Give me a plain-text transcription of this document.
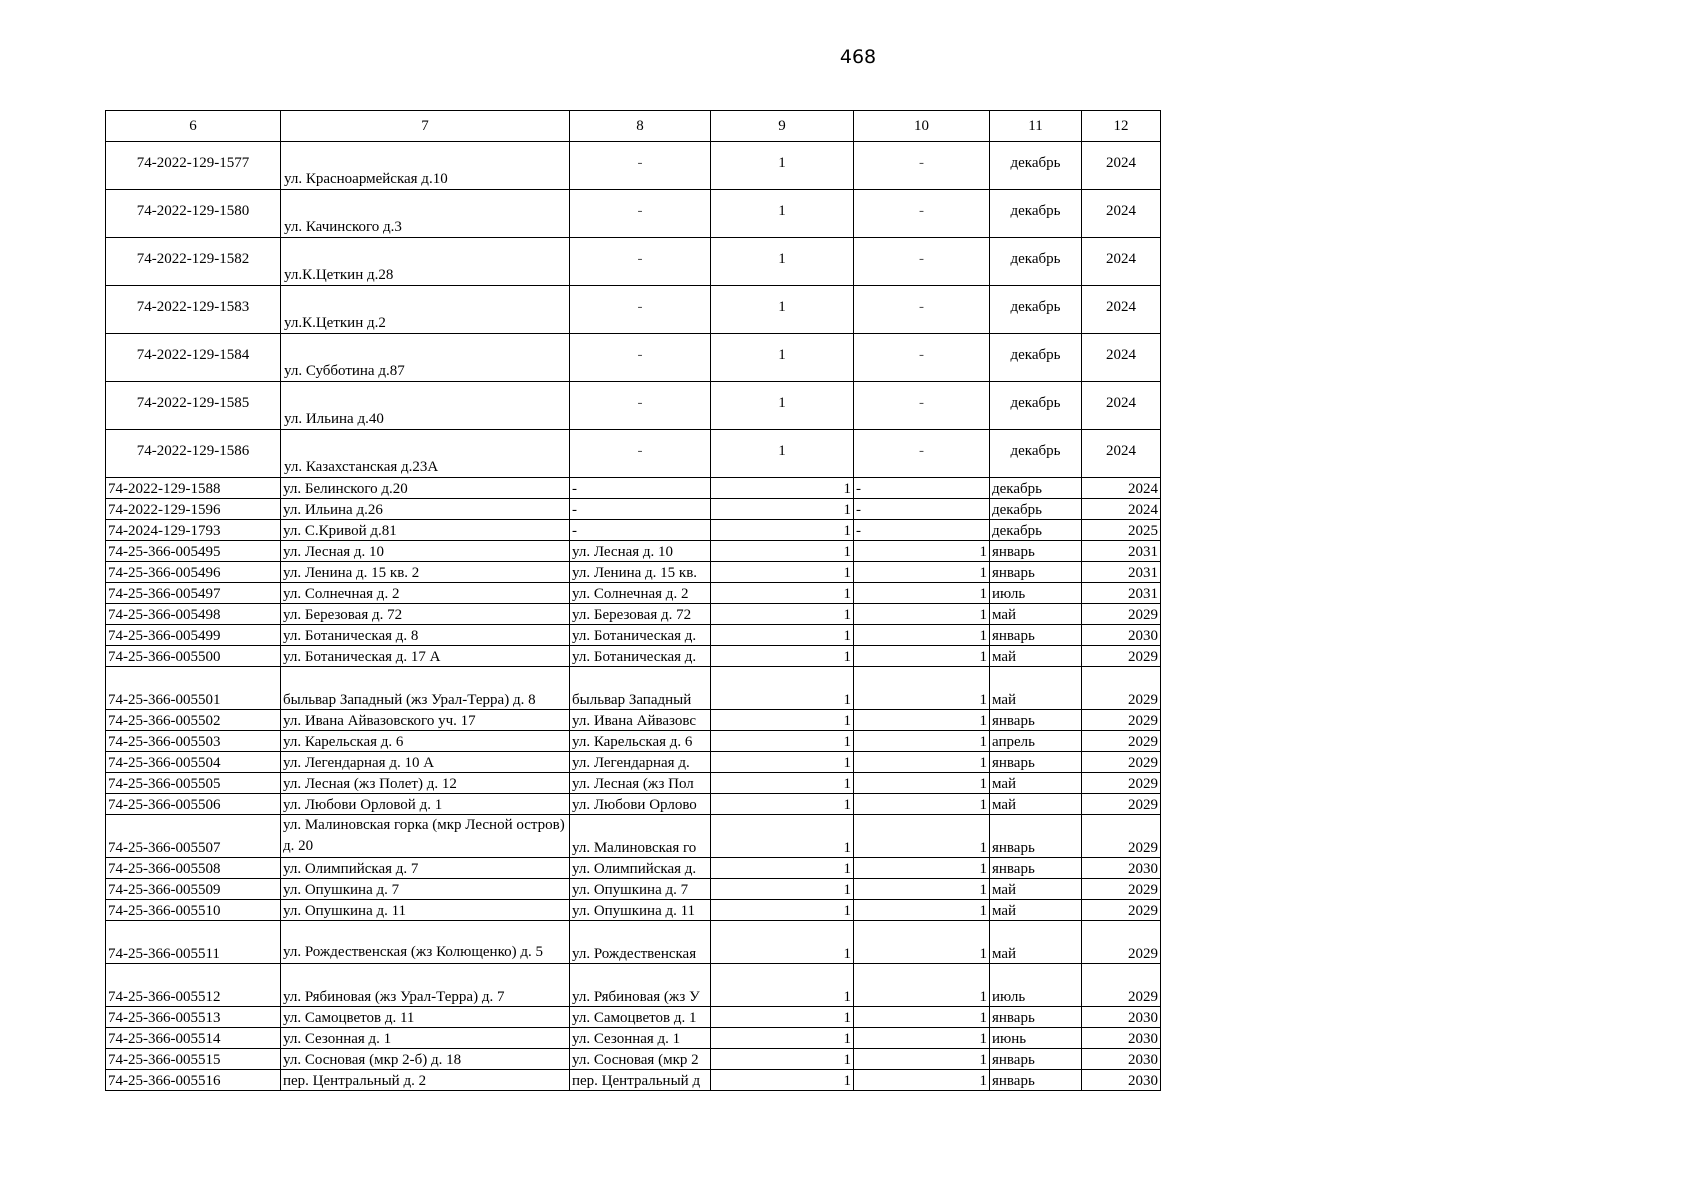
468
6	7	8	9	10	11	12
74-2022-129-1577	ул. Красноармейская д.10	-	1	-	декабрь	2024
74-2022-129-1580	ул. Качинского д.3	-	1	-	декабрь	2024
74-2022-129-1582	ул.К.Цеткин д.28	-	1	-	декабрь	2024
74-2022-129-1583	ул.К.Цеткин д.2	-	1	-	декабрь	2024
74-2022-129-1584	ул. Субботина д.87	-	1	-	декабрь	2024
74-2022-129-1585	ул. Ильина д.40	-	1	-	декабрь	2024
74-2022-129-1586	ул. Казахстанская д.23А	-	1	-	декабрь	2024
74-2022-129-1588	ул. Белинского д.20	-	1	-	декабрь	2024
74-2022-129-1596	ул. Ильина д.26	-	1	-	декабрь	2024
74-2024-129-1793	ул. С.Кривой д.81	-	1	-	декабрь	2025
74-25-366-005495	ул. Лесная д. 10	ул. Лесная д. 10	1	1	январь	2031
74-25-366-005496	ул. Ленина д. 15 кв. 2	ул. Ленина д. 15 кв.	1	1	январь	2031
74-25-366-005497	ул. Солнечная д. 2	ул. Солнечная д. 2	1	1	июль	2031
74-25-366-005498	ул. Березовая д. 72	ул. Березовая д. 72	1	1	май	2029
74-25-366-005499	ул. Ботаническая д. 8	ул. Ботаническая д.	1	1	январь	2030
74-25-366-005500	ул. Ботаническая д. 17 А	ул. Ботаническая д.	1	1	май	2029
74-25-366-005501	быльвар Западный (жз Урал-Терра) д. 8	быльвар Западный	1	1	май	2029
74-25-366-005502	ул. Ивана Айвазовского уч. 17	ул. Ивана Айвазовс	1	1	январь	2029
74-25-366-005503	ул. Карельская д. 6	ул. Карельская д. 6	1	1	апрель	2029
74-25-366-005504	ул. Легендарная д. 10 А	ул. Легендарная д.	1	1	январь	2029
74-25-366-005505	ул. Лесная (жз Полет) д. 12	ул. Лесная (жз Пол	1	1	май	2029
74-25-366-005506	ул. Любови Орловой д. 1	ул. Любови Орлово	1	1	май	2029
74-25-366-005507	ул. Малиновская горка (мкр Лесной остров) д. 20	ул. Малиновская го	1	1	январь	2029
74-25-366-005508	ул. Олимпийская д. 7	ул. Олимпийская д.	1	1	январь	2030
74-25-366-005509	ул. Опушкина д. 7	ул. Опушкина д. 7	1	1	май	2029
74-25-366-005510	ул. Опушкина д. 11	ул. Опушкина д. 11	1	1	май	2029
74-25-366-005511	ул. Рождественская (жз Колющенко) д. 5	ул. Рождественская	1	1	май	2029
74-25-366-005512	ул. Рябиновая (жз Урал-Терра) д. 7	ул. Рябиновая (жз У	1	1	июль	2029
74-25-366-005513	ул. Самоцветов д. 11	ул. Самоцветов д. 1	1	1	январь	2030
74-25-366-005514	ул. Сезонная д. 1	ул. Сезонная д. 1	1	1	июнь	2030
74-25-366-005515	ул. Сосновая (мкр 2-б) д. 18	ул. Сосновая (мкр 2	1	1	январь	2030
74-25-366-005516	пер. Центральный д. 2	пер. Центральный д	1	1	январь	2030
